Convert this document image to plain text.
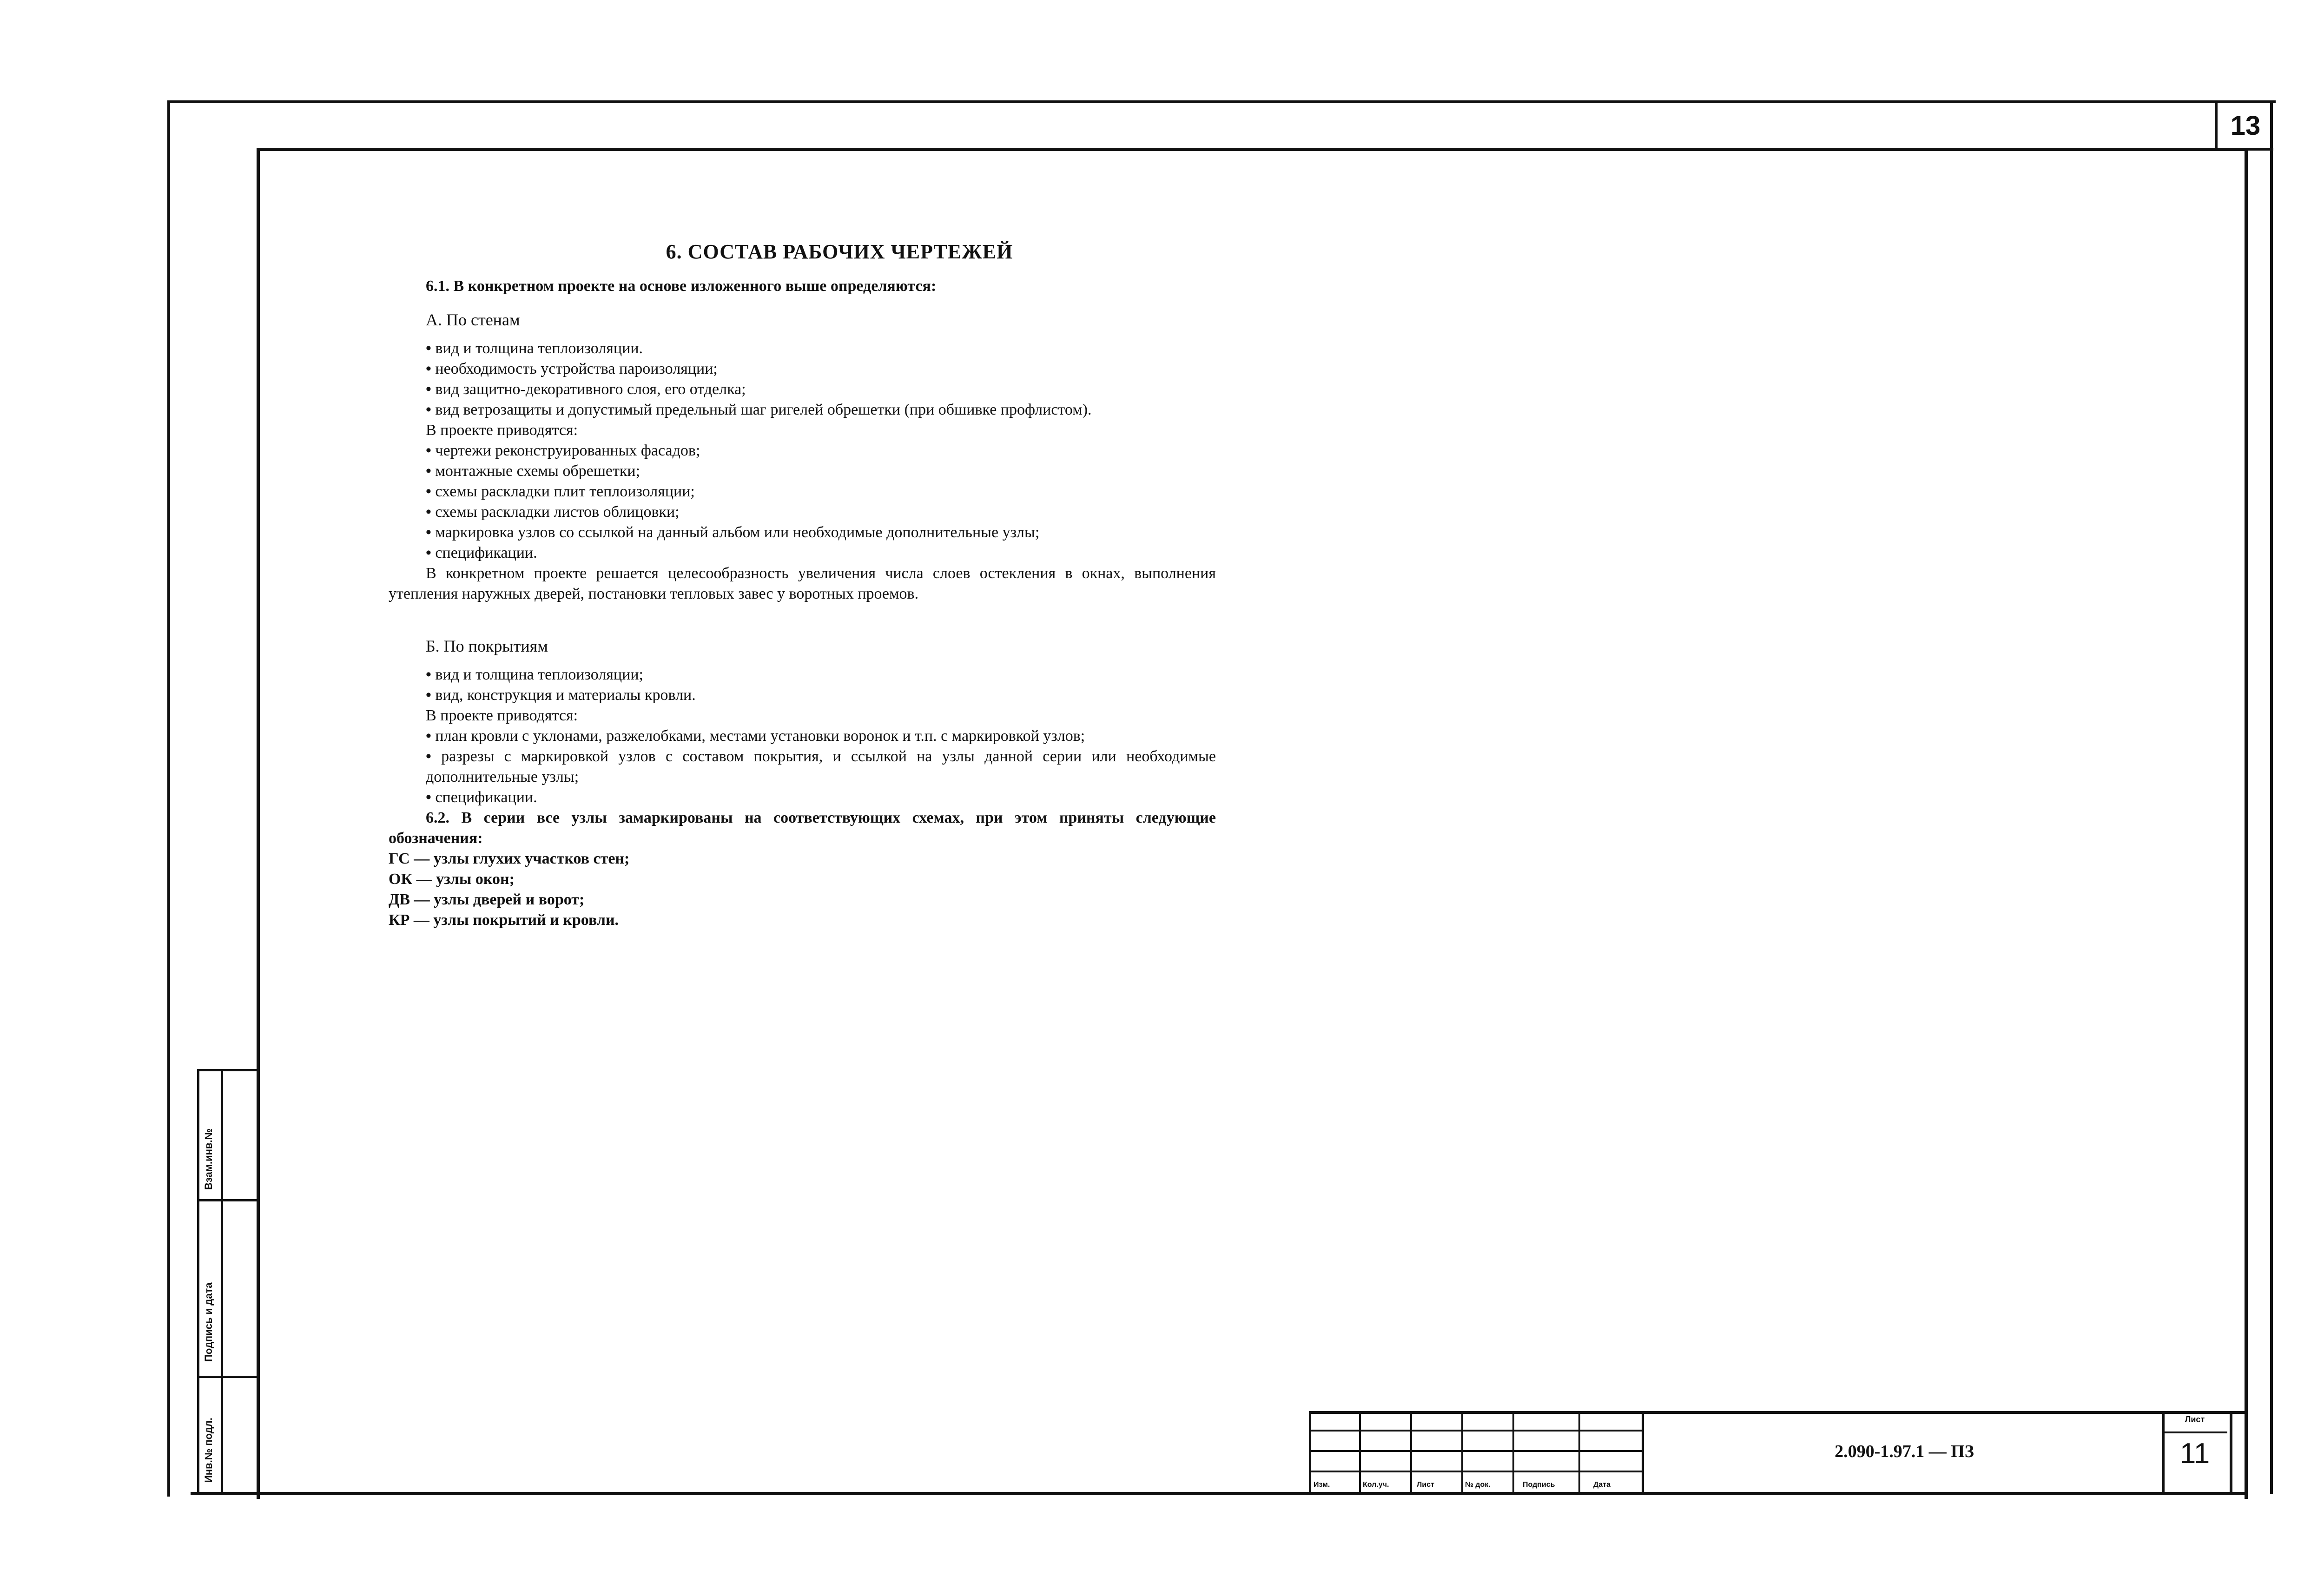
13
6. СОСТАВ РАБОЧИХ ЧЕРТЕЖЕЙ

6.1. В конкретном проекте на основе изложенного выше определяются:

А. По стенам

• вид и толщина теплоизоляции.

• необходимость устройства пароизоляции;

• вид защитно-декоративного слоя, его отделка;

• вид ветрозащиты и допустимый предельный шаг ригелей обрешетки (при обшивке профлистом).

В проекте приводятся:

• чертежи реконструированных фасадов;

• монтажные схемы обрешетки;

• схемы раскладки плит теплоизоляции;

• схемы раскладки листов облицовки;

• маркировка узлов со ссылкой на данный альбом или необходимые дополнительные узлы;

• спецификации.

В конкретном проекте решается целесообразность увеличения числа слоев остекления в окнах, выполнения утепления наружных дверей, постановки тепловых завес у воротных проемов.

Б. По покрытиям

• вид и толщина теплоизоляции;

• вид, конструкция и материалы кровли.

В проекте приводятся:

• план кровли с уклонами, разжелобками, местами установки воронок и т.п. с маркировкой узлов;

• разрезы с маркировкой узлов с составом покрытия, и ссылкой на узлы данной серии или необходимые дополнительные узлы;

• спецификации.

6.2. В серии все узлы замаркированы на соответствующих схемах, при этом приняты следующие обозначения:

ГС — узлы глухих участков стен;

ОК — узлы окон;

ДВ — узлы дверей и ворот;

КР — узлы покрытий и кровли.

Взам.инв.№
Подпись и дата
Инв.№ подл.
Изм.	Кол.уч.	Лист	№ док.	Подпись	Дата
2.090-1.97.1 — ПЗ
Лист
11
